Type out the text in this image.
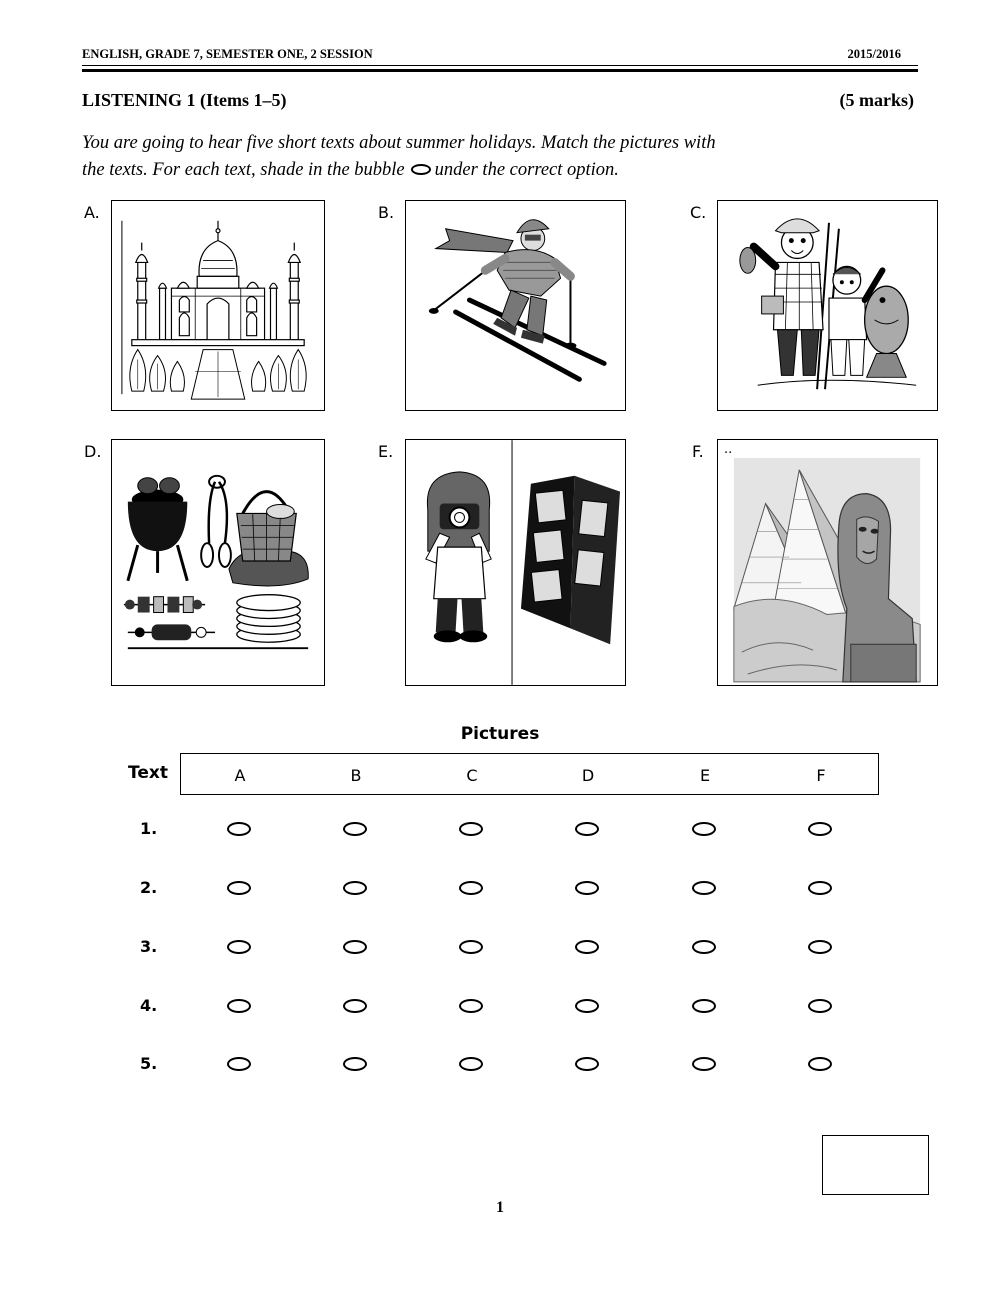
ENGLISH, GRADE 7, SEMESTER ONE, 2 SESSION	2015/2016
LISTENING 1 (Items 1–5)	(5 marks)
You are going to hear five short texts about summer holidays. Match the pictures with
the texts. For each text, shade in the bubble under the correct option.
A.	B.	C.
D.	E.	F. ..
Pictures
Text	A	B	C	D	E	F
1.
2.
3.
4.
5.
1
